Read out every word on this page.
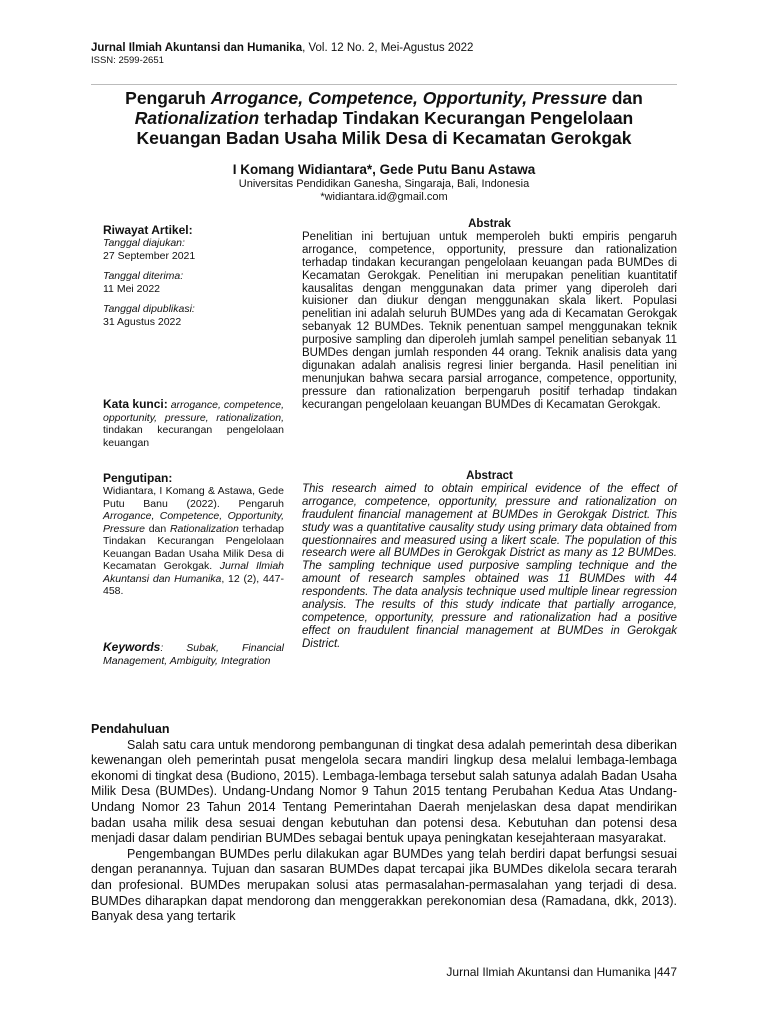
Jurnal Ilmiah Akuntansi dan Humanika, Vol. 12 No. 2, Mei-Agustus 2022
ISSN: 2599-2651
Pengaruh Arrogance, Competence, Opportunity, Pressure dan Rationalization terhadap Tindakan Kecurangan Pengelolaan Keuangan Badan Usaha Milik Desa di Kecamatan Gerokgak
I Komang Widiantara*, Gede Putu Banu Astawa
Universitas Pendidikan Ganesha, Singaraja, Bali, Indonesia
*widiantara.id@gmail.com
Riwayat Artikel:
Tanggal diajukan:
27 September 2021
Tanggal diterima:
11 Mei 2022
Tanggal dipublikasi:
31 Agustus 2022
Kata kunci: arrogance, competence, opportunity, pressure, rationalization, tindakan kecurangan pengelolaan keuangan
Pengutipan:
Widiantara, I Komang & Astawa, Gede Putu Banu (2022). Pengaruh Arrogance, Competence, Opportunity, Pressure dan Rationalization terhadap Tindakan Kecurangan Pengelolaan Keuangan Badan Usaha Milik Desa di Kecamatan Gerokgak. Jurnal Ilmiah Akuntansi dan Humanika, 12 (2), 447-458.
Keywords: Subak, Financial Management, Ambiguity, Integration
Abstrak
Penelitian ini bertujuan untuk memperoleh bukti empiris pengaruh arrogance, competence, opportunity, pressure dan rationalization terhadap tindakan kecurangan pengelolaan keuangan pada BUMDes di Kecamatan Gerokgak. Penelitian ini merupakan penelitian kuantitatif kausalitas dengan menggunakan data primer yang diperoleh dari kuisioner dan diukur dengan menggunakan skala likert. Populasi penelitian ini adalah seluruh BUMDes yang ada di Kecamatan Gerokgak sebanyak 12 BUMDes. Teknik penentuan sampel menggunakan teknik purposive sampling dan diperoleh jumlah sampel penelitian sebanyak 11 BUMDes dengan jumlah responden 44 orang. Teknik analisis data yang digunakan adalah analisis regresi linier berganda. Hasil penelitian ini menunjukan bahwa secara parsial arrogance, competence, opportunity, pressure dan rationalization berpengaruh positif terhadap tindakan kecurangan pengelolaan keuangan BUMDes di Kecamatan Gerokgak.
Abstract
This research aimed to obtain empirical evidence of the effect of arrogance, competence, opportunity, pressure and rationalization on fraudulent financial management at BUMDes in Gerokgak District. This study was a quantitative causality study using primary data obtained from questionnaires and measured using a likert scale. The population of this research were all BUMDes in Gerokgak District as many as 12 BUMDes. The sampling technique used purposive sampling technique and the amount of research samples obtained was 11 BUMDes with 44 respondents. The data analysis technique used multiple linear regression analysis. The results of this study indicate that partially arrogance, competence, opportunity, pressure and rationalization had a positive effect on fraudulent financial management at BUMDes in Gerokgak District.
Pendahuluan

Salah satu cara untuk mendorong pembangunan di tingkat desa adalah pemerintah desa diberikan kewenangan oleh pemerintah pusat mengelola secara mandiri lingkup desa melalui lembaga-lembaga ekonomi di tingkat desa (Budiono, 2015). Lembaga-lembaga tersebut salah satunya adalah Badan Usaha Milik Desa (BUMDes). Undang-Undang Nomor 9 Tahun 2015 tentang Perubahan Kedua Atas Undang-Undang Nomor 23 Tahun 2014 Tentang Pemerintahan Daerah menjelaskan desa dapat mendirikan badan usaha milik desa sesuai dengan kebutuhan dan potensi desa. Kebutuhan dan potensi desa menjadi dasar dalam pendirian BUMDes sebagai bentuk upaya peningkatan kesejahteraan masyarakat.

Pengembangan BUMDes perlu dilakukan agar BUMDes yang telah berdiri dapat berfungsi sesuai dengan peranannya. Tujuan dan sasaran BUMDes dapat tercapai jika BUMDes dikelola secara terarah dan profesional. BUMDes merupakan solusi atas permasalahan-permasalahan yang terjadi di desa. BUMDes diharapkan dapat mendorong dan menggerakkan perekonomian desa (Ramadana, dkk, 2013). Banyak desa yang tertarik

Jurnal Ilmiah Akuntansi dan Humanika |447
